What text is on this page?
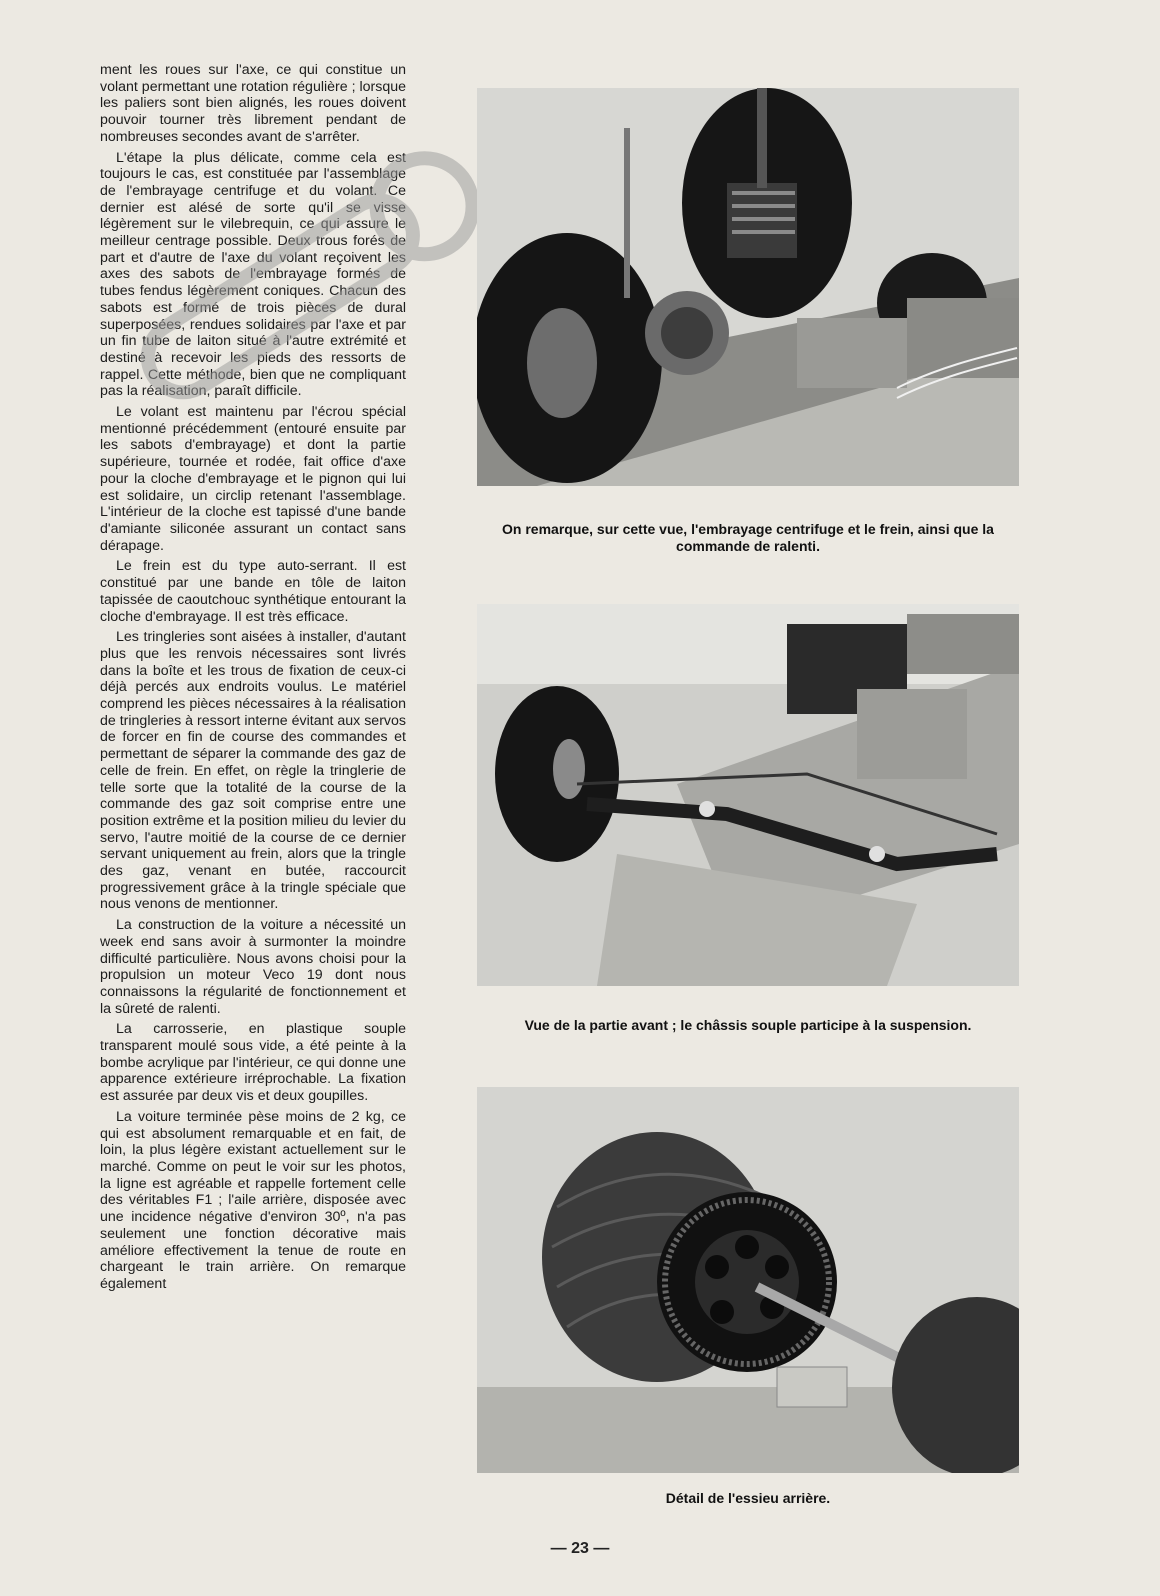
ment les roues sur l'axe, ce qui constitue un volant permettant une rotation régulière ; lorsque les paliers sont bien alignés, les roues doivent pouvoir tourner très librement pendant de nombreuses secondes avant de s'arrêter.

L'étape la plus délicate, comme cela est toujours le cas, est constituée par l'assemblage de l'embrayage centrifuge et du volant. Ce dernier est alésé de sorte qu'il se visse légèrement sur le vilebrequin, ce qui assure le meilleur centrage possible. Deux trous forés de part et d'autre de l'axe du volant reçoivent les axes des sabots de l'embrayage formés de tubes fendus légèrement coniques. Chacun des sabots est formé de trois pièces de dural superposées, rendues solidaires par l'axe et par un fin tube de laiton situé à l'autre extrémité et destiné à recevoir les pieds des ressorts de rappel. Cette méthode, bien que ne compliquant pas la réalisation, paraît difficile.

Le volant est maintenu par l'écrou spécial mentionné précédemment (entouré ensuite par les sabots d'embrayage) et dont la partie supérieure, tournée et rodée, fait office d'axe pour la cloche d'embrayage et le pignon qui lui est solidaire, un circlip retenant l'assemblage. L'intérieur de la cloche est tapissé d'une bande d'amiante siliconée assurant un contact sans dérapage.

Le frein est du type auto-serrant. Il est constitué par une bande en tôle de laiton tapissée de caoutchouc synthétique entourant la cloche d'embrayage. Il est très efficace.

Les tringleries sont aisées à installer, d'autant plus que les renvois nécessaires sont livrés dans la boîte et les trous de fixation de ceux-ci déjà percés aux endroits voulus. Le matériel comprend les pièces nécessaires à la réalisation de tringleries à ressort interne évitant aux servos de forcer en fin de course des commandes et permettant de séparer la commande des gaz de celle de frein. En effet, on règle la tringlerie de telle sorte que la totalité de la course de la commande des gaz soit comprise entre une position extrême et la position milieu du levier du servo, l'autre moitié de la course de ce dernier servant uniquement au frein, alors que la tringle des gaz, venant en butée, raccourcit progressivement grâce à la tringle spéciale que nous venons de mentionner.

La construction de la voiture a nécessité un week end sans avoir à surmonter la moindre difficulté particulière. Nous avons choisi pour la propulsion un moteur Veco 19 dont nous connaissons la régularité de fonctionnement et la sûreté de ralenti.

La carrosserie, en plastique souple transparent moulé sous vide, a été peinte à la bombe acrylique par l'intérieur, ce qui donne une apparence extérieure irréprochable. La fixation est assurée par deux vis et deux goupilles.

La voiture terminée pèse moins de 2 kg, ce qui est absolument remarquable et en fait, de loin, la plus légère existant actuellement sur le marché. Comme on peut le voir sur les photos, la ligne est agréable et rappelle fortement celle des véritables F1 ; l'aile arrière, disposée avec une incidence négative d'environ 30º, n'a pas seulement une fonction décorative mais améliore effectivement la tenue de route en chargeant le train arrière. On remarque également

On remarque, sur cette vue, l'embrayage centrifuge et le frein, ainsi que la commande de ralenti.
Vue de la partie avant ; le châssis souple participe à la suspension.
Détail de l'essieu arrière.
— 23 —
